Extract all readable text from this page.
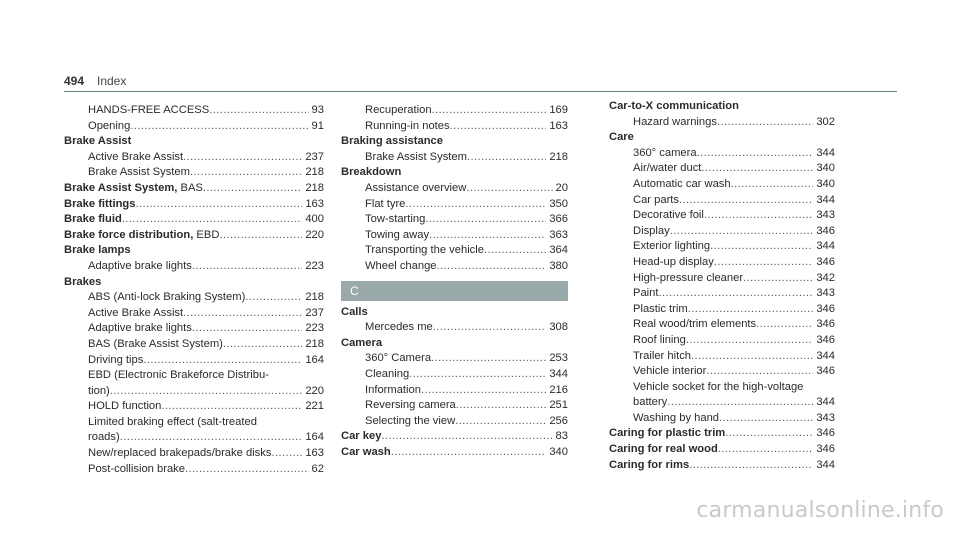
494 Index
HANDS-FREE ACCESS .....	93
Opening .....	91
Brake Assist
Active Brake Assist .....	237
Brake Assist System .....	218
Brake Assist System, BAS .....	218
Brake fittings .....	163
Brake fluid .....	400
Brake force distribution, EBD .....	220
Brake lamps
Adaptive brake lights .....	223
Brakes
ABS (Anti-lock Braking System) .....	218
Active Brake Assist .....	237
Adaptive brake lights .....	223
BAS (Brake Assist System) .....	218
Driving tips .....	164
EBD (Electronic Brakeforce Distribu-
tion) .....	220
HOLD function .....	221
Limited braking effect (salt-treated
roads) .....	164
New/replaced brakepads/brake disks .....	163
Post-collision brake .....	62
Recuperation .....	169
Running-in notes .....	163
Braking assistance
Brake Assist System .....	218
Breakdown
Assistance overview .....	20
Flat tyre .....	350
Tow-starting .....	366
Towing away .....	363
Transporting the vehicle .....	364
Wheel change .....	380
C
Calls
Mercedes me .....	308
Camera
360° Camera .....	253
Cleaning .....	344
Information .....	216
Reversing camera .....	251
Selecting the view .....	256
Car key .....	83
Car wash .....	340
Car-to-X communication
Hazard warnings .....	302
Care
360° camera .....	344
Air/water duct .....	340
Automatic car wash .....	340
Car parts .....	344
Decorative foil .....	343
Display .....	346
Exterior lighting .....	344
Head-up display .....	346
High-pressure cleaner .....	342
Paint .....	343
Plastic trim .....	346
Real wood/trim elements .....	346
Roof lining .....	346
Trailer hitch .....	344
Vehicle interior .....	346
Vehicle socket for the high-voltage
battery .....	344
Washing by hand .....	343
Caring for plastic trim .....	346
Caring for real wood .....	346
Caring for rims .....	344
carmanualsonline.info
